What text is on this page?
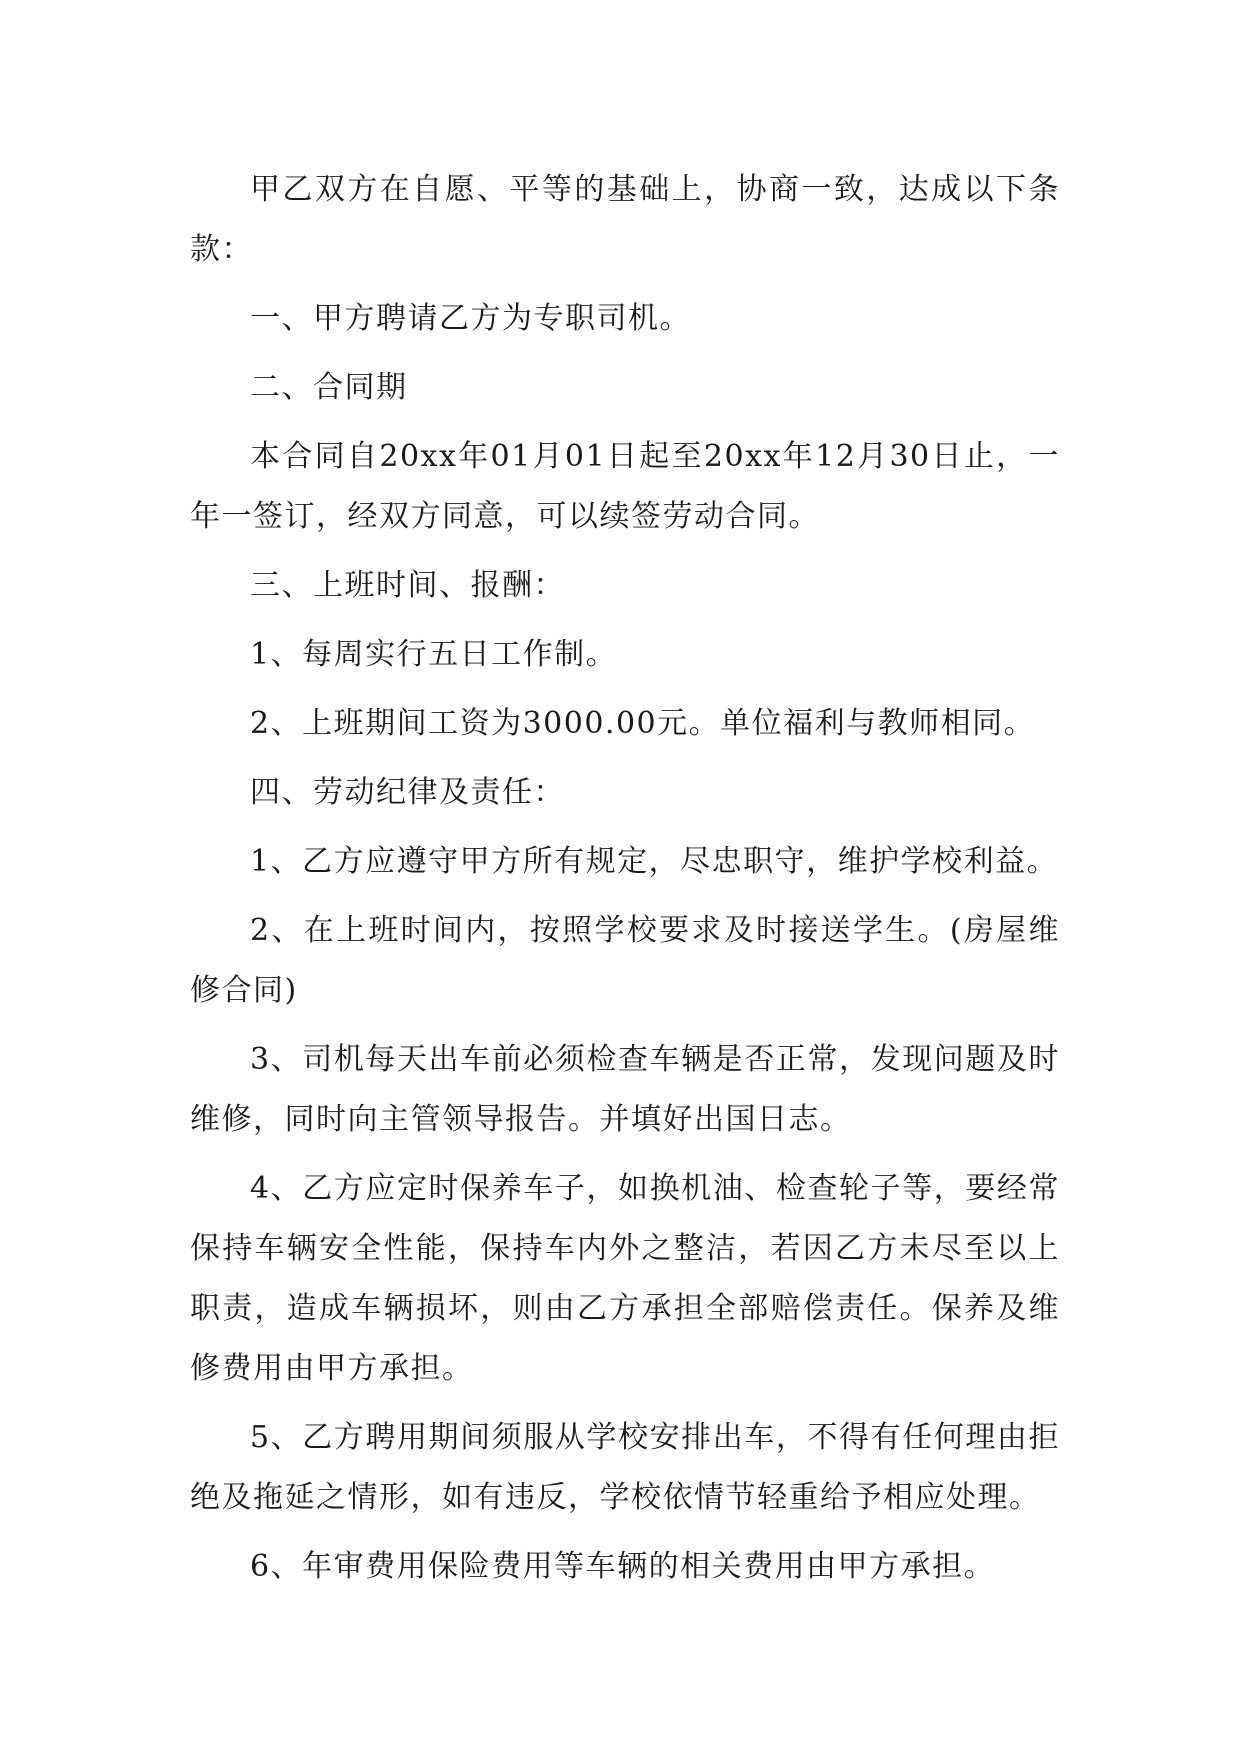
甲乙双方在自愿、平等的基础上，协商一致，达成以下条款：

一、甲方聘请乙方为专职司机。

二、合同期

本合同自20xx年01月01日起至20xx年12月30日止，一年一签订，经双方同意，可以续签劳动合同。

三、上班时间、报酬：

1、每周实行五日工作制。

2、上班期间工资为3000.00元。单位福利与教师相同。

四、劳动纪律及责任：

1、乙方应遵守甲方所有规定，尽忠职守，维护学校利益。

2、在上班时间内，按照学校要求及时接送学生。(房屋维修合同)

3、司机每天出车前必须检查车辆是否正常，发现问题及时维修，同时向主管领导报告。并填好出国日志。

4、乙方应定时保养车子，如换机油、检查轮子等，要经常保持车辆安全性能，保持车内外之整洁，若因乙方未尽至以上职责，造成车辆损坏，则由乙方承担全部赔偿责任。保养及维修费用由甲方承担。

5、乙方聘用期间须服从学校安排出车，不得有任何理由拒绝及拖延之情形，如有违反，学校依情节轻重给予相应处理。

6、年审费用保险费用等车辆的相关费用由甲方承担。
